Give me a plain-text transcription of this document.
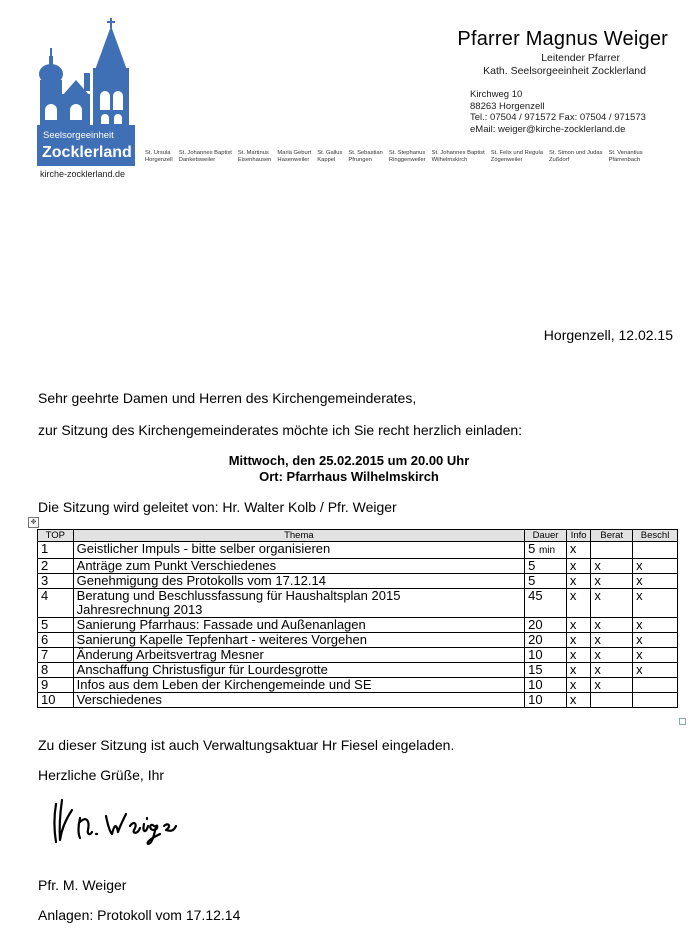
Seelsorgeeinheit
Zocklerland
kirche-zocklerland.de
Pfarrer Magnus Weiger
Leitender Pfarrer
Kath. Seelsorgeeinheit Zocklerland
Kirchweg 10
88263 Horgenzell
Tel.: 07504 / 971572 Fax: 07504 / 971573
eMail: weiger@kirche-zocklerland.de
St. Ursula
Horgenzell
St. Johannes Baptist
Danketsweiler
St. Martinus
Eisenhausen
Mariä Geburt
Hasenweiler
St. Gallus
Kappel
St. Sebastian
Pfrungen
St. Stephanus
Ringgenweiler
St. Johannes Baptist
Wilhelmskirch
St. Felix und Regula
Zögenweiler
St. Simon und Judas
Zußdorf
St. Venantius
Pfärrenbach
Horgenzell, 12.02.15
Sehr geehrte Damen und Herren des Kirchengemeinderates,
zur Sitzung des Kirchengemeinderates möchte ich Sie recht herzlich einladen:
Mittwoch, den 25.02.2015 um 20.00 Uhr
Ort: Pfarrhaus Wilhelmskirch
Die Sitzung wird geleitet von: Hr. Walter Kolb / Pfr. Weiger
✥
TOP	Thema	Dauer	Info	Berat	Beschl
1	Geistlicher Impuls - bitte selber organisieren	5 min	x		
2	Anträge zum Punkt Verschiedenes	5	x	x	x
3	Genehmigung des Protokolls vom 17.12.14	5	x	x	x
4	Beratung und Beschlussfassung für Haushaltsplan 2015
Jahresrechnung 2013	45	x	x	x
5	Sanierung Pfarrhaus: Fassade und Außenanlagen	20	x	x	x
6	Sanierung Kapelle Tepfenhart - weiteres Vorgehen	20	x	x	x
7	Änderung Arbeitsvertrag Mesner	10	x	x	x
8	Anschaffung Christusfigur für Lourdesgrotte	15	x	x	x
9	Infos aus dem Leben der Kirchengemeinde und SE	10	x	x	
10	Verschiedenes	10	x		
Zu dieser Sitzung ist auch Verwaltungsaktuar Hr Fiesel eingeladen.
Herzliche Grüße, Ihr
Pfr. M. Weiger
Anlagen: Protokoll vom 17.12.14
